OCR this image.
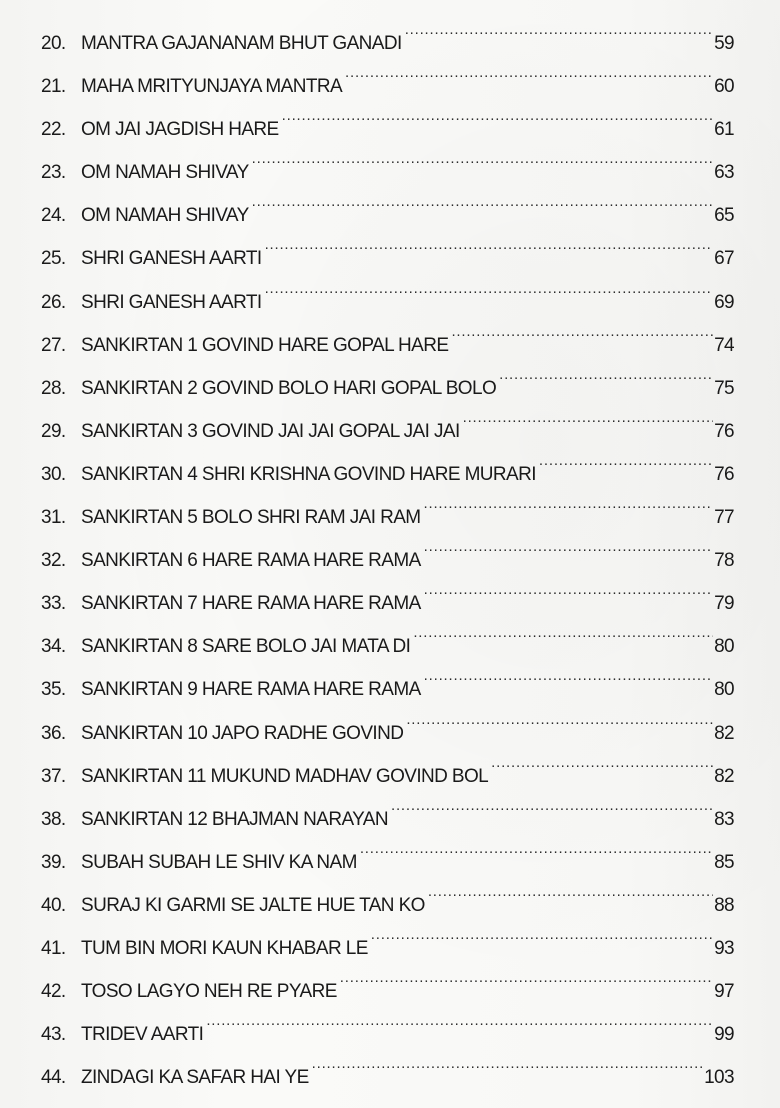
20. MANTRA GAJANANAM BHUT GANADI .....	59
21. MAHA MRITYUNJAYA MANTRA .....	60
22. OM JAI JAGDISH HARE .....	61
23. OM NAMAH SHIVAY .....	63
24. OM NAMAH SHIVAY .....	65
25. SHRI GANESH AARTI .....	67
26. SHRI GANESH AARTI .....	69
27. SANKIRTAN 1 GOVIND HARE GOPAL HARE .....	74
28. SANKIRTAN 2 GOVIND BOLO HARI GOPAL BOLO .....	75
29. SANKIRTAN 3 GOVIND JAI JAI GOPAL JAI JAI .....	76
30. SANKIRTAN 4 SHRI KRISHNA GOVIND HARE MURARI .....	76
31. SANKIRTAN 5 BOLO SHRI RAM JAI RAM .....	77
32. SANKIRTAN 6 HARE RAMA HARE RAMA .....	78
33. SANKIRTAN 7 HARE RAMA HARE RAMA .....	79
34. SANKIRTAN 8 SARE BOLO JAI MATA DI .....	80
35. SANKIRTAN 9 HARE RAMA HARE RAMA .....	80
36. SANKIRTAN 10 JAPO RADHE GOVIND .....	82
37. SANKIRTAN 11 MUKUND MADHAV GOVIND BOL .....	82
38. SANKIRTAN 12 BHAJMAN NARAYAN .....	83
39. SUBAH SUBAH LE SHIV KA NAM .....	85
40. SURAJ KI GARMI SE JALTE HUE TAN KO .....	88
41. TUM BIN MORI KAUN KHABAR LE .....	93
42. TOSO LAGYO NEH RE PYARE .....	97
43. TRIDEV AARTI .....	99
44. ZINDAGI KA SAFAR HAI YE .....	103
